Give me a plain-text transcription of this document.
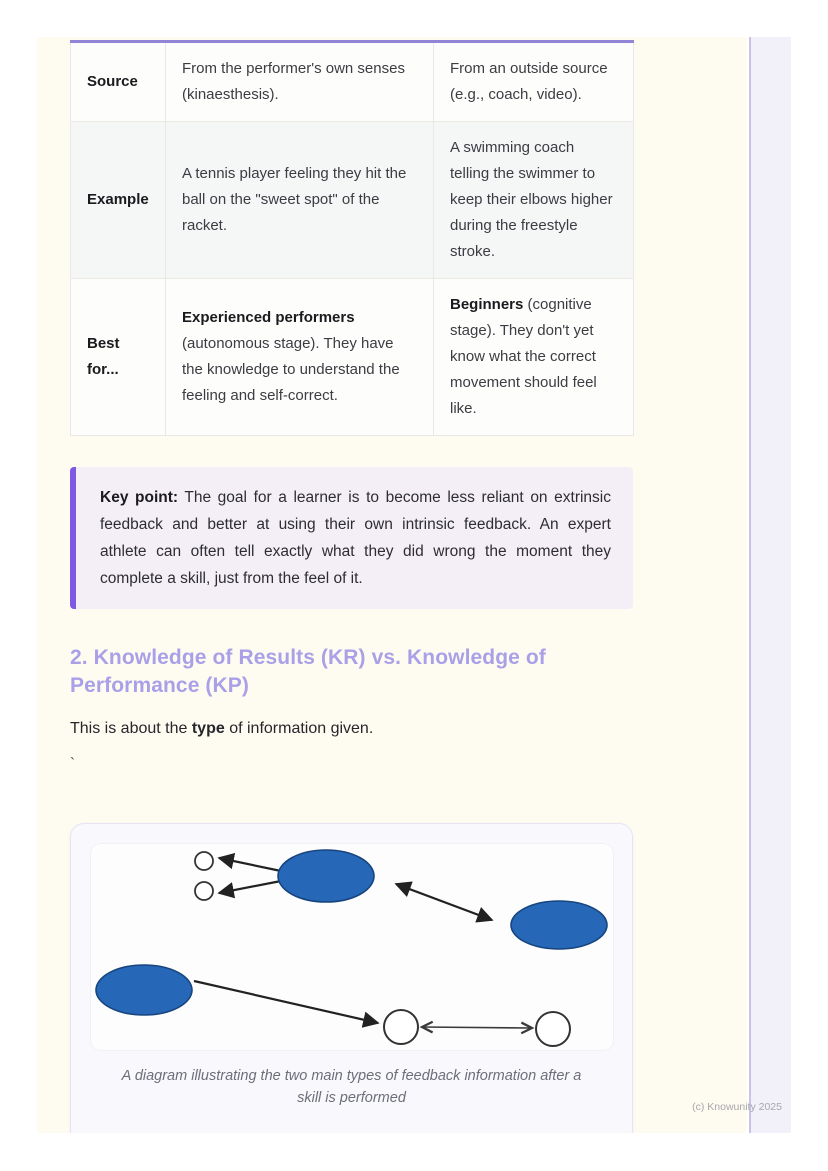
Source	From the performer's own senses (kinaesthesis).	From an outside source (e.g., coach, video).
Example	A tennis player feeling they hit the ball on the "sweet spot" of the racket.	A swimming coach telling the swimmer to keep their elbows higher during the freestyle stroke.
Best for...	Experienced performers (autonomous stage). They have the knowledge to understand the feeling and self-correct.	Beginners (cognitive stage). They don't yet know what the correct movement should feel like.
Key point: The goal for a learner is to become less reliant on extrinsic feedback and better at using their own intrinsic feedback. An expert athlete can often tell exactly what they did wrong the moment they complete a skill, just from the feel of it.
2. Knowledge of Results (KR) vs. Knowledge of Performance (KP)

This is about the type of information given.

`
A diagram illustrating the two main types of feedback information after a skill is performed
(c) Knowunity 2025
